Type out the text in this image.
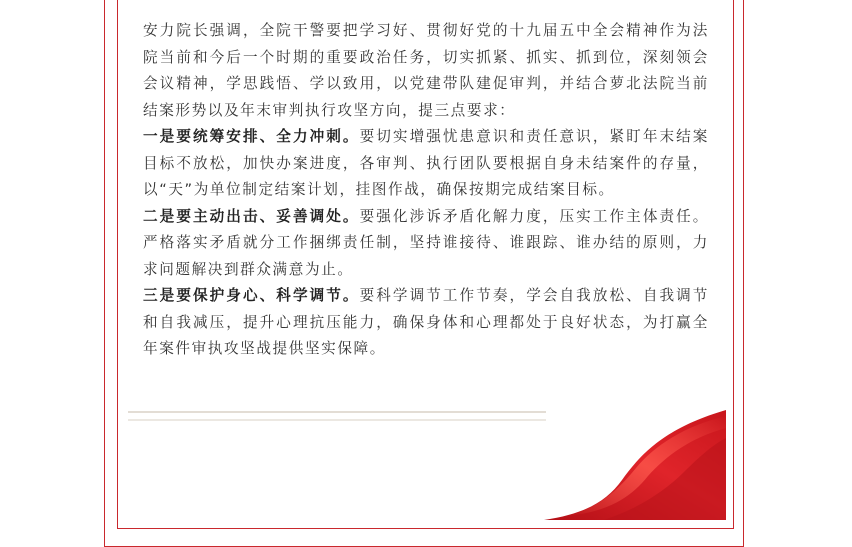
安力院长强调，全院干警要把学习好、贯彻好党的十九届五中全会精神作为法院当前和今后一个时期的重要政治任务，切实抓紧、抓实、抓到位，深刻领会会议精神，学思践悟、学以致用，以党建带队建促审判，并结合萝北法院当前结案形势以及年末审判执行攻坚方向，提三点要求：

一是要统筹安排、全力冲刺。要切实增强忧患意识和责任意识，紧盯年末结案目标不放松，加快办案进度，各审判、执行团队要根据自身未结案件的存量，以“天”为单位制定结案计划，挂图作战，确保按期完成结案目标。

二是要主动出击、妥善调处。要强化涉诉矛盾化解力度，压实工作主体责任。严格落实矛盾就分工作捆绑责任制，坚持谁接待、谁跟踪、谁办结的原则，力求问题解决到群众满意为止。

三是要保护身心、科学调节。要科学调节工作节奏，学会自我放松、自我调节和自我减压，提升心理抗压能力，确保身体和心理都处于良好状态，为打赢全年案件审执攻坚战提供坚实保障。
